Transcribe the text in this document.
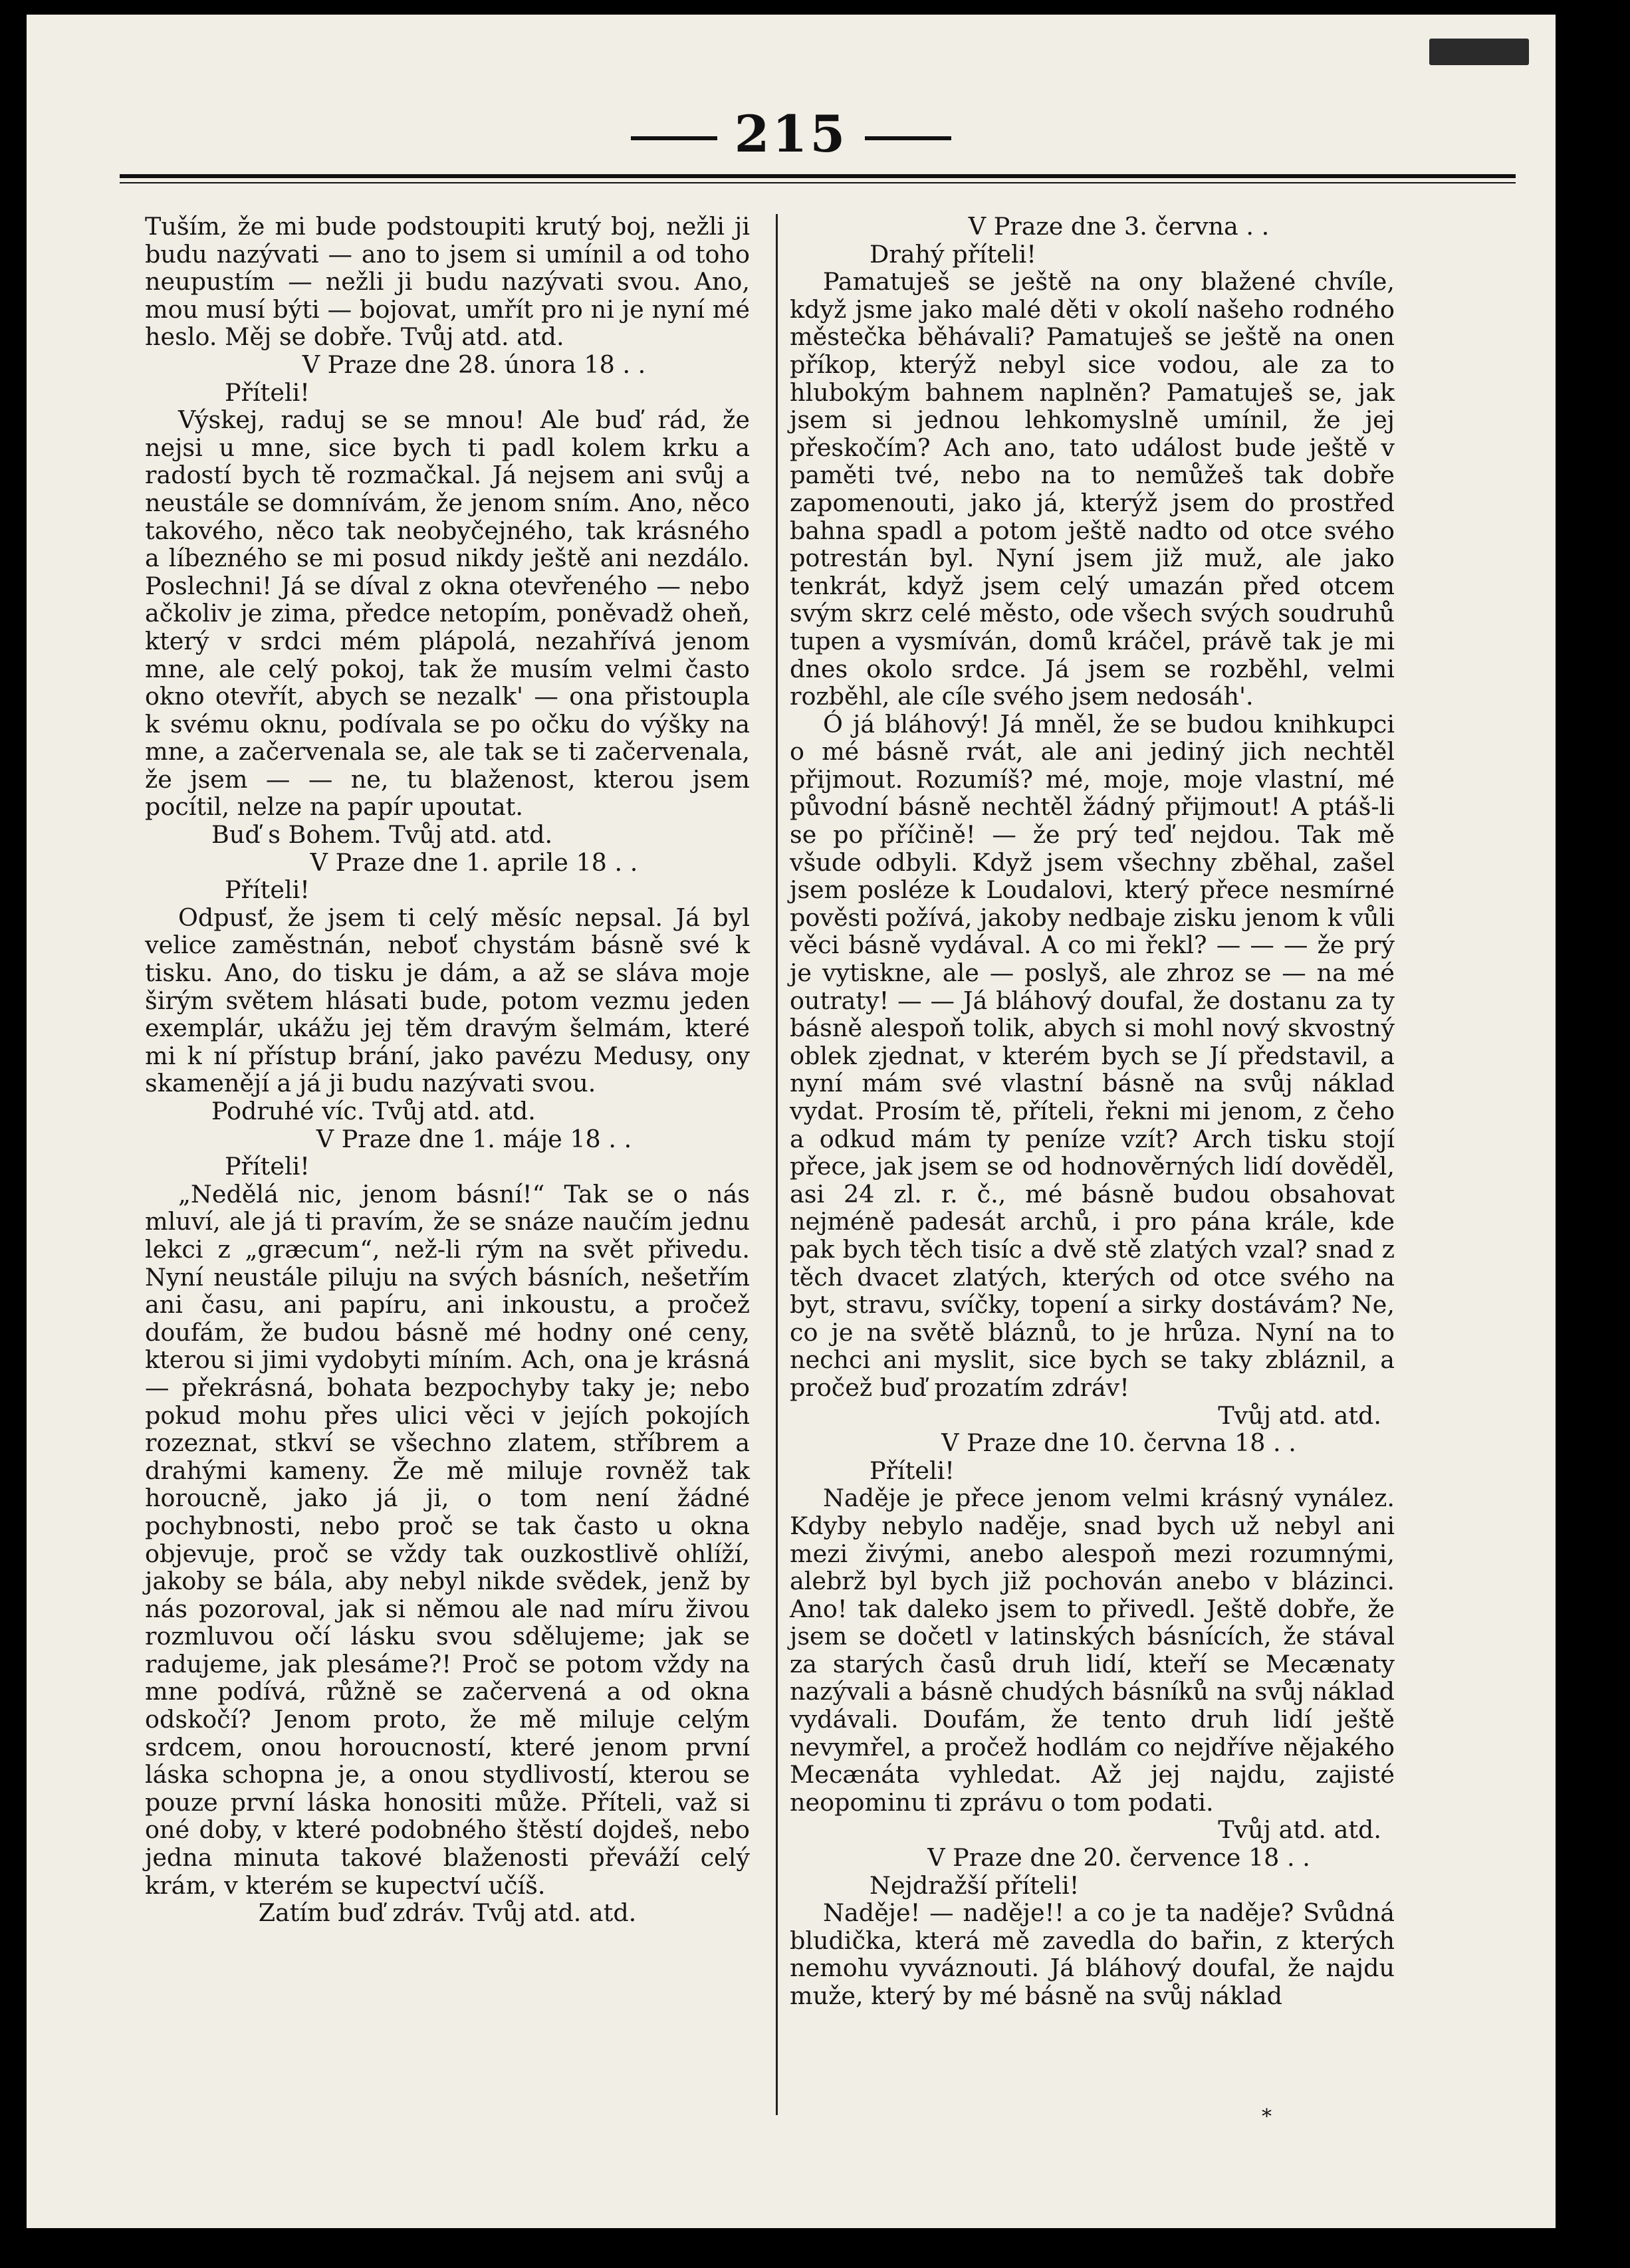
215

Tuším, že mi bude podstoupiti krutý boj, nežli ji budu nazývati — ano to jsem si umínil a od toho neupustím — nežli ji budu nazývati svou. Ano, mou musí býti — bojovat, umřít pro ni je nyní mé heslo. Měj se dobře. Tvůj atd. atd.

V Praze dne 28. února 18 . .

Příteli!

Výskej, raduj se se mnou! Ale buď rád, že nejsi u mne, sice bych ti padl kolem krku a radostí bych tě rozmačkal. Já nejsem ani svůj a neustále se domnívám, že jenom sním. Ano, něco takového, něco tak neobyčejného, tak krásného a líbezného se mi posud nikdy ještě ani nezdálo. Poslechni! Já se díval z okna otevřeného — nebo ačkoliv je zima, předce netopím, poněvadž oheň, který v srdci mém plápolá, nezahřívá jenom mne, ale celý pokoj, tak že musím velmi často okno otevřít, abych se nezalk' — ona přistoupla k svému oknu, podívala se po očku do výšky na mne, a začervenala se, ale tak se ti začervenala, že jsem — — ne, tu blaženost, kterou jsem pocítil, nelze na papír upoutat.

Buď s Bohem. Tvůj atd. atd.

V Praze dne 1. aprile 18 . .

Příteli!

Odpusť, že jsem ti celý měsíc nepsal. Já byl velice zaměstnán, neboť chystám básně své k tisku. Ano, do tisku je dám, a až se sláva moje širým světem hlásati bude, potom vezmu jeden exemplár, ukážu jej těm dravým šelmám, které mi k ní přístup brání, jako pavézu Medusy, ony skamenějí a já ji budu nazývati svou.

Podruhé víc. Tvůj atd. atd.

V Praze dne 1. máje 18 . .

Příteli!

„Nedělá nic, jenom básní!“ Tak se o nás mluví, ale já ti pravím, že se snáze naučím jednu lekci z „græcum“, než-li rým na svět přivedu. Nyní neustále piluju na svých básních, nešetřím ani času, ani papíru, ani inkoustu, a pročež doufám, že budou básně mé hodny oné ceny, kterou si jimi vydobyti míním. Ach, ona je krásná — překrásná, bohata bezpochyby taky je; nebo pokud mohu přes ulici věci v jejích pokojích rozeznat, stkví se všechno zlatem, stříbrem a drahými kameny. Že mě miluje rovněž tak horoucně, jako já ji, o tom není žádné pochybnosti, nebo proč se tak často u okna objevuje, proč se vždy tak ouzkostlivě ohlíží, jakoby se bála, aby nebyl nikde svědek, jenž by nás pozoroval, jak si němou ale nad míru živou rozmluvou očí lásku svou sdělujeme; jak se radujeme, jak plesáme?! Proč se potom vždy na mne podívá, růžně se začervená a od okna odskočí? Jenom proto, že mě miluje celým srdcem, onou horoucností, které jenom první láska schopna je, a onou stydlivostí, kterou se pouze první láska honositi může. Příteli, važ si oné doby, v které podobného štěstí dojdeš, nebo jedna minuta takové blaženosti převáží celý krám, v kterém se kupectví učíš.

Zatím buď zdráv. Tvůj atd. atd.

V Praze dne 3. června . .

Drahý příteli!

Pamatuješ se ještě na ony blažené chvíle, když jsme jako malé děti v okolí našeho rodného městečka běhávali? Pamatuješ se ještě na onen příkop, kterýž nebyl sice vodou, ale za to hlubokým bahnem naplněn? Pamatuješ se, jak jsem si jednou lehkomyslně umínil, že jej přeskočím? Ach ano, tato událost bude ještě v paměti tvé, nebo na to nemůžeš tak dobře zapomenouti, jako já, kterýž jsem do prostřed bahna spadl a potom ještě nadto od otce svého potrestán byl. Nyní jsem již muž, ale jako tenkrát, když jsem celý umazán před otcem svým skrz celé město, ode všech svých soudruhů tupen a vysmíván, domů kráčel, právě tak je mi dnes okolo srdce. Já jsem se rozběhl, velmi rozběhl, ale cíle svého jsem nedosáh'.

Ó já bláhový! Já mněl, že se budou knihkupci o mé básně rvát, ale ani jediný jich nechtěl přijmout. Rozumíš? mé, moje, moje vlastní, mé původní básně nechtěl žádný přijmout! A ptáš-li se po příčině! — že prý teď nejdou. Tak mě všude odbyli. Když jsem všechny zběhal, zašel jsem posléze k Loudalovi, který přece nesmírné pověsti požívá, jakoby nedbaje zisku jenom k vůli věci básně vydával. A co mi řekl? — — — že prý je vytiskne, ale — poslyš, ale zhroz se — na mé outraty! — — Já bláhový doufal, že dostanu za ty básně alespoň tolik, abych si mohl nový skvostný oblek zjednat, v kterém bych se Jí představil, a nyní mám své vlastní básně na svůj náklad vydat. Prosím tě, příteli, řekni mi jenom, z čeho a odkud mám ty peníze vzít? Arch tisku stojí přece, jak jsem se od hodnověrných lidí dověděl, asi 24 zl. r. č., mé básně budou obsahovat nejméně padesát archů, i pro pána krále, kde pak bych těch tisíc a dvě stě zlatých vzal? snad z těch dvacet zlatých, kterých od otce svého na byt, stravu, svíčky, topení a sirky dostávám? Ne, co je na světě bláznů, to je hrůza. Nyní na to nechci ani myslit, sice bych se taky zbláznil, a pročež buď prozatím zdráv!

Tvůj atd. atd.

V Praze dne 10. června 18 . .

Příteli!

Naděje je přece jenom velmi krásný vynález. Kdyby nebylo naděje, snad bych už nebyl ani mezi živými, anebo alespoň mezi rozumnými, alebrž byl bych již pochován anebo v blázinci. Ano! tak daleko jsem to přivedl. Ještě dobře, že jsem se dočetl v latinských básnících, že stával za starých časů druh lidí, kteří se Mecænaty nazývali a básně chudých básníků na svůj náklad vydávali. Doufám, že tento druh lidí ještě nevymřel, a pročež hodlám co nejdříve nějakého Mecænáta vyhledat. Až jej najdu, zajisté neopominu ti zprávu o tom podati.

Tvůj atd. atd.

V Praze dne 20. července 18 . .

Nejdražší příteli!

Naděje! — naděje!! a co je ta naděje? Svůdná bludička, která mě zavedla do bařin, z kterých nemohu vyváznouti. Já bláhový doufal, že najdu muže, který by mé básně na svůj náklad

*
